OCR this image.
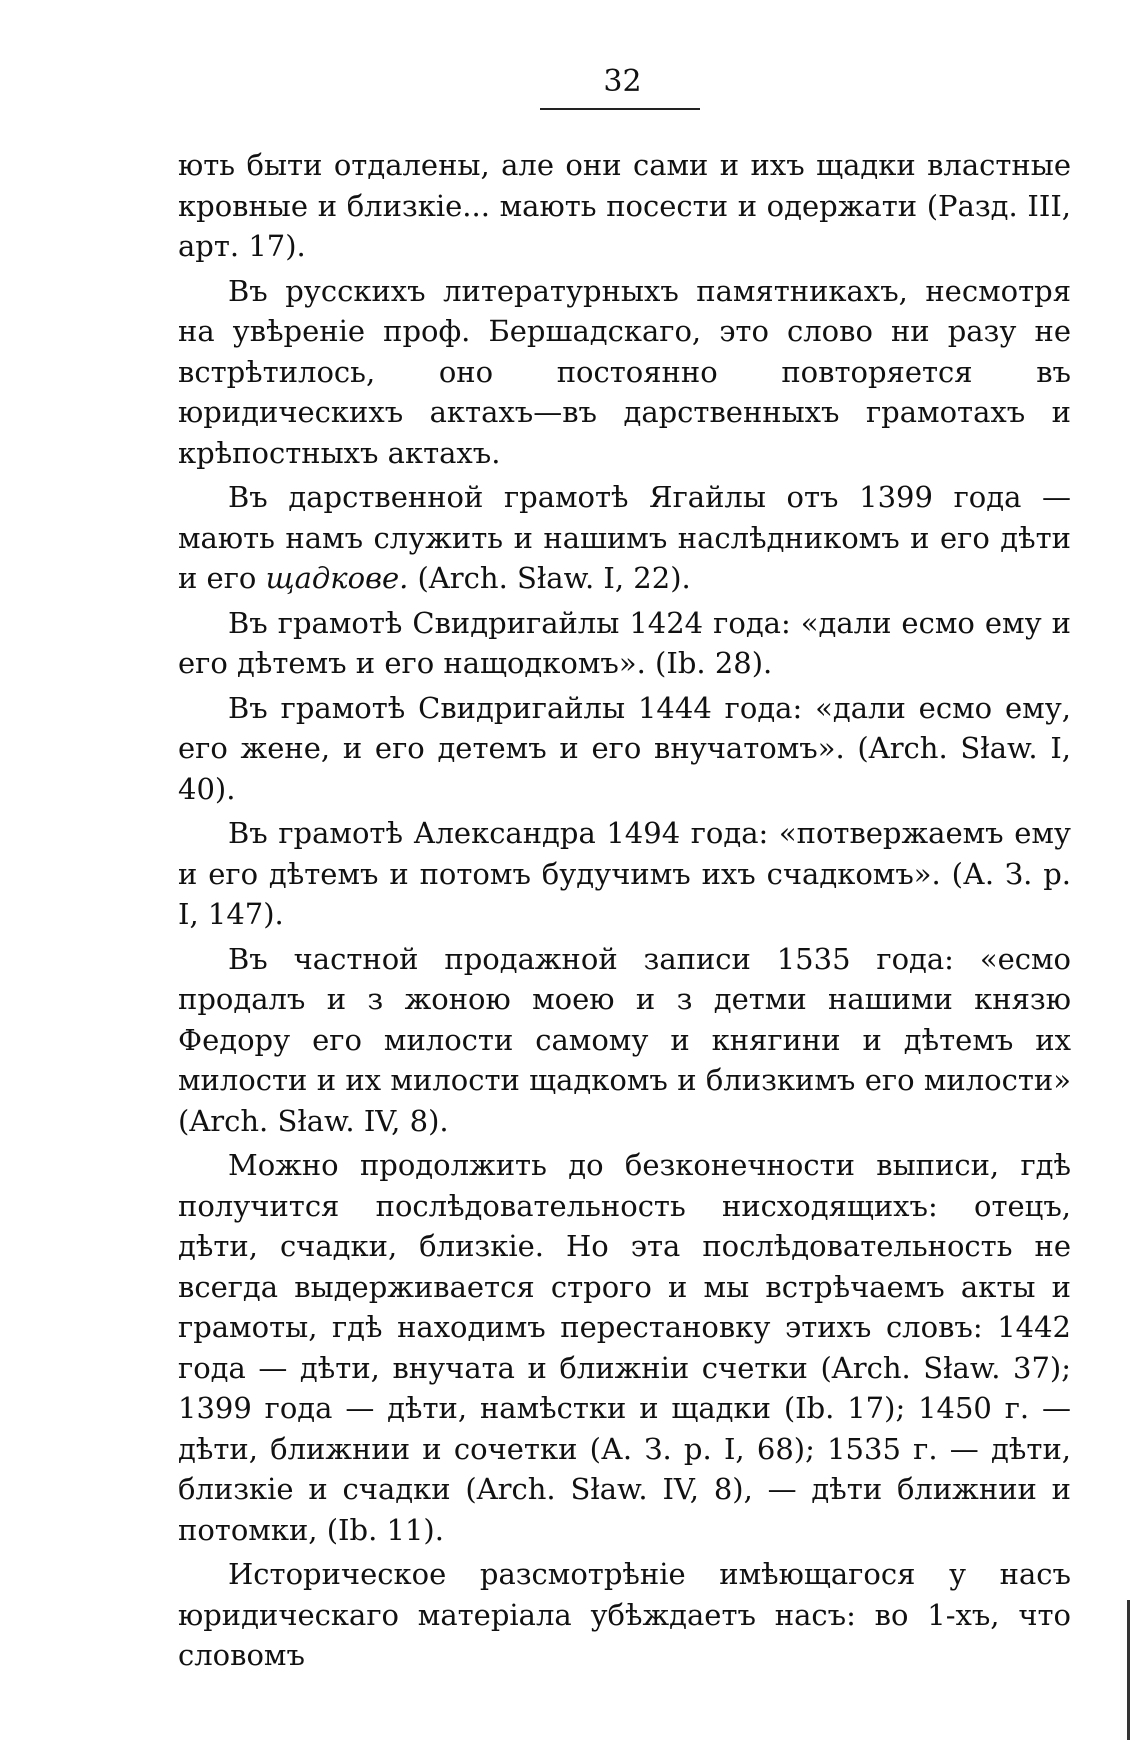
32

ють быти отдалены, але они сами и ихъ щадки властные кровные и близкiе... мають посести и одержати (Разд. III, арт. 17).

Въ русскихъ литературныхъ памятникахъ, несмотря на увѣренiе проф. Бершадскаго, это слово ни разу не встрѣтилось, оно постоянно повторяется въ юридическихъ актахъ—въ дарственныхъ грамотахъ и крѣпостныхъ актахъ.

Въ дарственной грамотѣ Ягайлы отъ 1399 года — мають намъ служить и нашимъ наслѣдникомъ и его дѣти и его щадкове. (Arch. Sław. I, 22).

Въ грамотѣ Свидригайлы 1424 года: «дали есмо ему и его дѣтемъ и его нащодкомъ». (Ib. 28).

Въ грамотѣ Свидригайлы 1444 года: «дали есмо ему, его жене, и его детемъ и его внучатомъ». (Arch. Sław. I, 40).

Въ грамотѣ Александра 1494 года: «потвержаемъ ему и его дѣтемъ и потомъ будучимъ ихъ счадкомъ». (А. З. р. I, 147).

Въ частной продажной записи 1535 года: «есмо продалъ и з жоною моею и з детми нашими князю Федору его милости самому и княгини и дѣтемъ их милости и их милости щадкомъ и близкимъ его милости» (Arch. Sław. IV, 8).

Можно продолжить до безконечности выписи, гдѣ получится послѣдовательность нисходящихъ: отецъ, дѣти, счадки, близкiе. Но эта послѣдовательность не всегда выдерживается строго и мы встрѣчаемъ акты и грамоты, гдѣ находимъ перестановку этихъ словъ: 1442 года — дѣти, внучата и ближнiи счетки (Arch. Sław. 37); 1399 года — дѣти, намѣстки и щадки (Ib. 17); 1450 г. — дѣти, ближнии и сочетки (А. З. р. I, 68); 1535 г. — дѣти, близкiе и счадки (Arch. Sław. IV, 8), — дѣти ближнии и потомки, (Ib. 11).

Историческое разсмотрѣнiе имѣющагося у насъ юридическаго матерiала убѣждаетъ насъ: во 1-хъ, что словомъ
